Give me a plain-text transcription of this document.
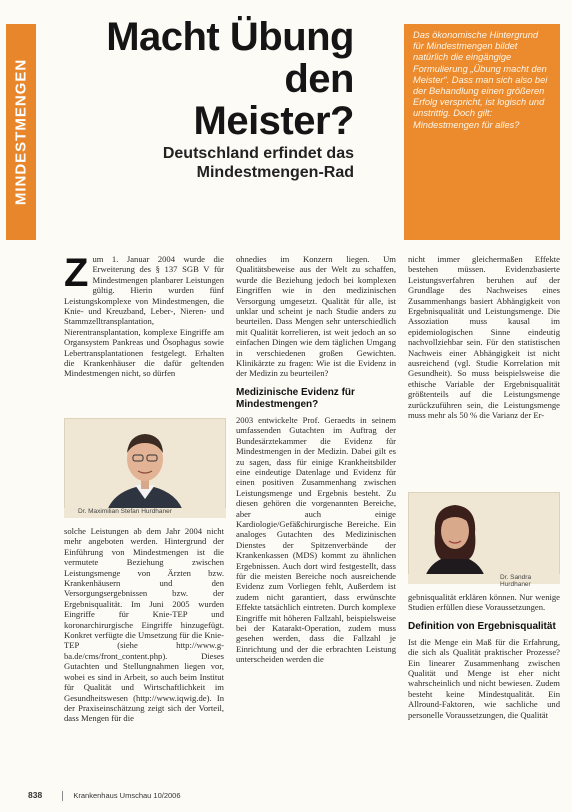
MINDESTMENGEN
Macht Übung
den
Meister?
Deutschland erfindet das
Mindestmengen-Rad

Das ökonomische Hintergrund für Mindestmengen bildet natürlich die eingängige Formulierung „Übung macht den Meister“. Dass man sich also bei der Behandlung einen größeren Erfolg verspricht, ist logisch und unstrittig. Doch gilt: Mindestmengen für alles?

Z um 1. Januar 2004 wurde die Erweiterung des § 137 SGB V für Mindestmengen planbarer Leistungen gültig. Hierin wurden fünf Leistungskomplexe von Mindestmengen, die Knie- und Kreuzband, Leber-, Nieren- und Stammzelltransplantation, Nierentransplantation, komplexe Eingriffe am Organsystem Pankreas und Ösophagus sowie Lebertransplantationen festgelegt. Erhalten die Krankenhäuser die dafür geltenden Mindestmengen nicht, so dürfen
Dr. Maximilian Stefan Hurdhaner
solche Leistungen ab dem Jahr 2004 nicht mehr angeboten werden. Hintergrund der Einführung von Mindestmengen ist die vermutete Beziehung zwischen Leistungsmenge von Ärzten bzw. Krankenhäusern und den Versorgungsergebnissen bzw. der Ergebnisqualität. Im Juni 2005 wurden Eingriffe für Knie-TEP und koronarchirurgische Eingriffe hinzugefügt. Konkret verfügte die Umsetzung für die Knie-TEP (siehe http://www.g-ba.de/cms/front_content.php). Dieses Gutachten und Stellungnahmen liegen vor, wobei es sind in Arbeit, so auch beim Institut für Qualität und Wirtschaftlichkeit im Gesundheitswesen (http://www.iqwig.de). In der Praxiseinschätzung zeigt sich der Vorteil, dass Mengen für die

ohnedies im Konzern liegen. Um Qualitätsbeweise aus der Welt zu schaffen, wurde die Beziehung jedoch bei komplexen Eingriffen wie in den medizinischen Versorgung umgesetzt. Qualität für alle, ist unklar und scheint je nach Studie anders zu beurteilen. Dass Mengen sehr unterschiedlich mit Qualität korrelieren, ist weit jedoch an so einfachen Dingen wie dem täglichen Umgang in verschiedenen großen Gewichten. Klinikärzte zu fragen: Wie ist die Evidenz in der Medizin zu beurteilen?

Medizinische Evidenz für Mindestmengen?

2003 entwickelte Prof. Geraedts in seinem umfassenden Gutachten im Auftrag der Bundesärztekammer die Evidenz für Mindestmengen in der Medizin. Dabei gilt es zu sagen, dass für einige Krankheitsbilder eine eindeutige Datenlage und Evidenz für einen positiven Zusammenhang zwischen Leistungsmenge und Ergebnis besteht. Zu diesen gehören die vorgenannten Bereiche, aber auch einige Kardiologie/Gefäßchirurgische Bereiche. Ein analoges Gutachten des Medizinischen Dienstes der Spitzenverbände der Krankenkassen (MDS) kommt zu ähnlichen Ergebnissen. Auch dort wird festgestellt, dass für die meisten Bereiche noch ausreichende Evidenz zum Vorliegen fehlt, Außerdem ist zudem nicht garantiert, dass erwünschte Effekte tatsächlich eintreten. Durch komplexe Eingriffe mit höheren Fallzahl, beispielsweise bei der Katarakt-Operation, zudem muss gesehen werden, dass die Fallzahl je Einrichtung und der die erbrachten Leistung unterscheiden werden die

nicht immer gleichermaßen Effekte bestehen müssen. Evidenzbasierte Leistungsverfahren beruhen auf der Grundlage des Nachweises eines Zusammenhangs basiert Abhängigkeit von Ergebnisqualität und Leistungsmenge. Die Assoziation muss kausal im epidemiologischen Sinne eindeutig nachvollziehbar sein. Für den statistischen Nachweis einer Abhängigkeit ist nicht ausreichend (vgl. Studie Korrelation mit Gesundheit). So muss beispielsweise die ethische Variable der Ergebnisqualität größtenteils auf die Leistungsmenge zurückzuführen sein, die Leistungsmenge muss mehr als 50 % die Varianz der Er-
Dr. Sandra Hurdhaner

gebnisqualität erklären können. Nur wenige Studien erfüllen diese Voraussetzungen.

Definition von Ergebnisqualität

Ist die Menge ein Maß für die Erfahrung, die sich als Qualität praktischer Prozesse? Ein linearer Zusammenhang zwischen Qualität und Menge ist eher nicht wahrscheinlich und nicht bewiesen. Zudem besteht keine Mindestqualität. Ein Allround-Faktoren, wie sachliche und personelle Voraussetzungen, die Qualität

838	Krankenhaus Umschau 10/2006
